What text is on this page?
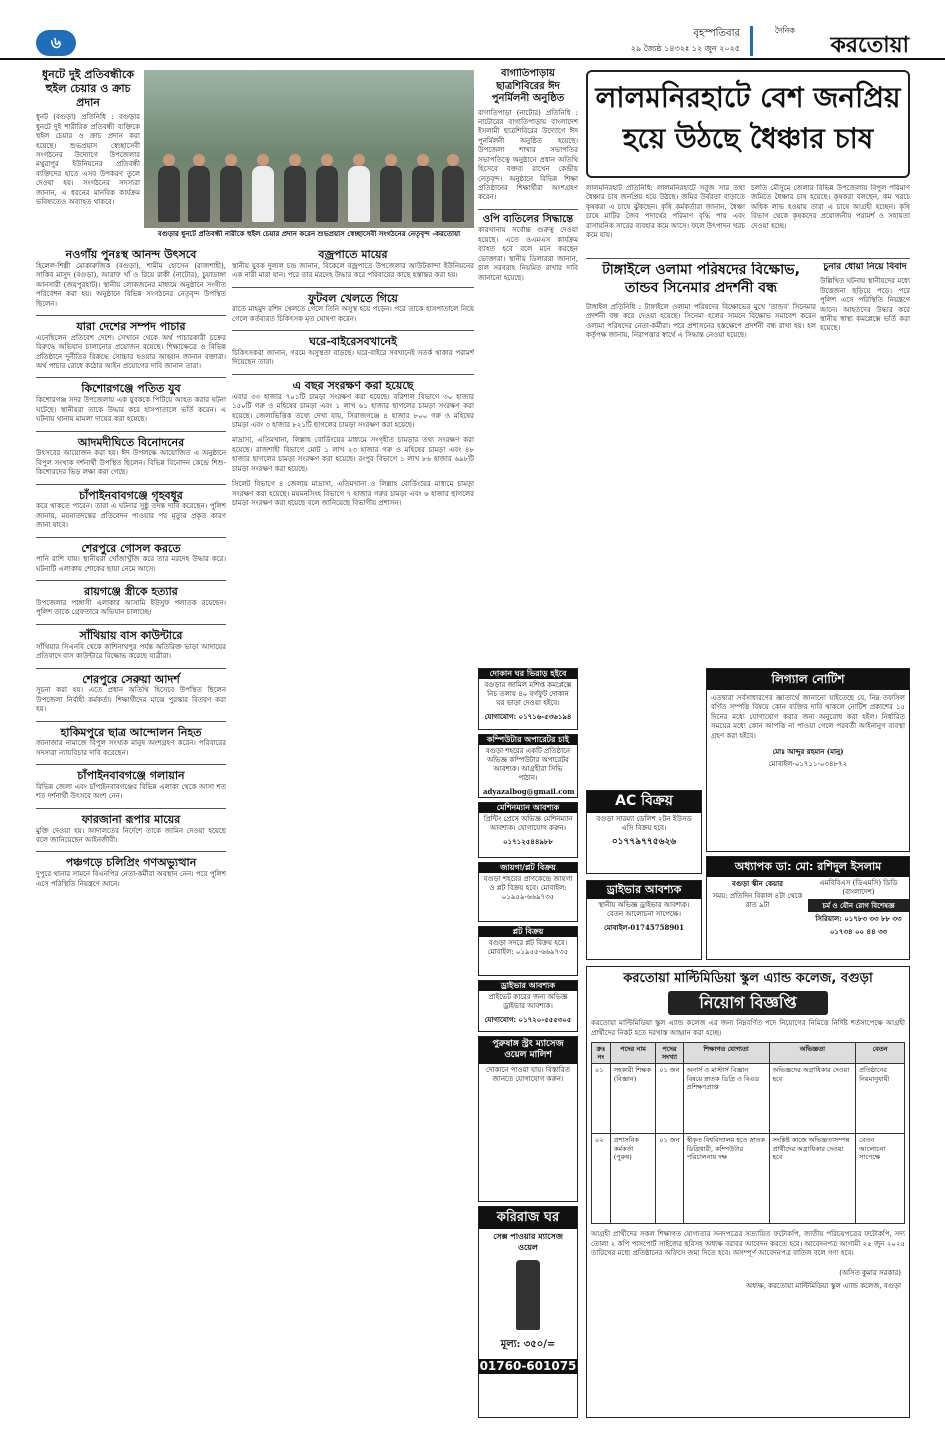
৬	বৃহস্পতিবার
২৯ জ্যৈষ্ঠ ১৪৩২ঃ ১২ জুন ২০২৫
দৈনিক
করতোয়া
বগুড়ার ধুনটে প্রতিবন্ধী নারীকে হুইল চেয়ার প্রদান করেন শুভপ্রয়াস স্বেচ্ছাসেবী সংগঠনের নেতৃবৃন্দ -করতোয়া
ধুনটে দুই প্রতিবন্ধীকে হুইল চেয়ার ও ক্রাচ প্রদান
ধুনট (বগুড়া) প্রতিনিধি : বগুড়ার ধুনটে দুই শারীরিক প্রতিবন্ধী ব্যক্তিকে হুইল চেয়ার ও ক্রাচ প্রদান করা হয়েছে। শুভপ্রয়াস স্বেচ্ছাসেবী সংগঠনের উদ্যোগে উপজেলার মথুরাপুর ইউনিয়নের প্রতিবন্ধী ব্যক্তিদের হাতে এসব উপকরণ তুলে দেওয়া হয়। সংগঠনের সদস্যরা জানান, এ ধরনের মানবিক কার্যক্রম ভবিষ্যতেও অব্যাহত থাকবে।
নওগাঁয় পুনঃস্থ আনন্দ উৎসবে
হিলেল-শিল্পী মোকারুজিক (বগুড়া), শামীম হোসেন (রাজশাহী), সাকিব মাসুদ (বগুড়া), আরাফ খাঁ ও রিয়ে রাকী (নাটোর), চুয়াডাঙ্গা আনসারী (জয়পুরহাট)। স্থানীয় লোকজনের মাধ্যমে অনুষ্ঠানে সংগীত পরিবেশন করা হয়। অনুষ্ঠানে বিভিন্ন সংগঠনের নেতৃবৃন্দ উপস্থিত ছিলেন।
যারা দেশের সম্পদ পাচার
এনেছিলেন প্রতিবেশ দেশে। সেখানে থেকে অর্থ পাচারকারী চক্রের বিরুদ্ধে অভিযান চালানোর প্রয়োজন রয়েছে। শিক্ষাক্ষেত্রে ও বিভিন্ন প্রতিষ্ঠানে দুর্নীতির বিরুদ্ধে সোচ্চার হওয়ার আহ্বান জানান বক্তারা। অর্থ পাচার রোধে কঠোর আইন প্রয়োগের দাবি জানান তারা।
কিশোরগঞ্জে পতিত যুব
কিশোরগঞ্জ সদর উপজেলায় এক যুবককে পিটিয়ে আহত করার ঘটনা ঘটেছে। স্থানীয়রা তাকে উদ্ধার করে হাসপাতালে ভর্তি করেন। এ ঘটনায় থানায় মামলা দায়ের করা হয়েছে।
আদমদীঘিতে বিনোদনের
উৎসবের আয়োজন করা হয়। ঈদ উপলক্ষে আয়োজিত এ অনুষ্ঠানে বিপুল সংখ্যক দর্শনার্থী উপস্থিত ছিলেন। বিভিন্ন বিনোদন কেন্দ্রে শিশু-কিশোরদের ভিড় লক্ষ্য করা গেছে।
চাঁপাইনবাবগঞ্জে গৃহবধূর
করে থাকতে পারেন। তারা এ ঘটনার সুষ্ঠু তদন্ত দাবি করেছেন। পুলিশ জানায়, ময়নাতদন্তের প্রতিবেদন পাওয়ার পর মৃত্যুর প্রকৃত কারণ জানা যাবে।
শেরপুরে গোসল করতে
পানি রাশি যায়। স্থানীয়রা খোঁজাখুঁজি করে তার মরদেহ উদ্ধার করে। ঘটনাটি এলাকায় শোকের ছায়া নেমে আসে।
রায়গঞ্জে স্ত্রীকে হত্যার
উপজেলার পাঙ্গাসী এলাকার আসামি ইউসুফ পলাতক রয়েছেন। পুলিশ তাকে গ্রেফতারে অভিযান চালাচ্ছে।
সাঁথিয়ায় বাস কাউন্টারে
সাঁথিয়ার সিএনবি থেকে কাশিনাথপুর পর্যন্ত অতিরিক্ত ভাড়া আদায়ের প্রতিবাদে বাস কাউন্টারে বিক্ষোভ করেছে যাত্রীরা।
শেরপুরে সেরুয়া আদর্শ
সুচনা করা হয়। এতে প্রধান অতিথি হিসেবে উপস্থিত ছিলেন উপজেলা নির্বাহী কর্মকর্তা। শিক্ষার্থীদের মাঝে পুরস্কার বিতরণ করা হয়।
হাকিমপুরে ছাত্র আন্দোলন নিহত
জানাজার নামাজে বিপুল সংখ্যক মানুষ অংশগ্রহণ করেন। পরিবারের সদস্যরা ন্যায়বিচার দাবি করেছেন।
চাঁপাইনবাবগঞ্জে গলায়ান
বিভিন্ন জেলা এবং চাঁপাইনবাবগঞ্জের বিভিন্ন এলাকা থেকে আসা শত শত দর্শনার্থী উৎসবে অংশ নেন।
ফারজানা রূপার মায়ের
মুক্তি দেওয়া হয়। আদালতের নির্দেশে তাকে জামিন দেওয়া হয়েছে বলে জানিয়েছেন আইনজীবী।
পঞ্চগড়ে চলিপ্রিং গণঅভ্যুত্থান
দুপুরে থানার সামনে বিএনপির নেতা-কর্মীরা অবস্থান নেন। পরে পুলিশ এসে পরিস্থিতি নিয়ন্ত্রণে আনে।
বজ্রপাতে মায়ের
স্থানীয় যুবক দুলাল চন্দ্র জানান, বিকেলে বজ্রপাতে উপজেলার আউটকান্দা ইউনিয়নের এক নারী মারা যান। পরে তার মরদেহ উদ্ধার করে পরিবারের কাছে হস্তান্তর করা হয়।
ফুটবল খেলতে গিয়ে
রাতে মাহমুদ রশিদ খেলতে গেলে তিনি অসুস্থ হয়ে পড়েন। পরে তাকে হাসপাতালে নিয়ে গেলে কর্তব্যরত চিকিৎসক মৃত ঘোষণা করেন।
ঘরে-বাইরেসবখানেই
চিকিৎসকরা জানান, গরমে অসুস্থতা বাড়ছে। ঘরে-বাইরে সবখানেই সতর্ক থাকার পরামর্শ দিয়েছেন তারা।
এ বছর সংরক্ষণ করা হয়েছে
এবার ৩৩ হাজার ৭০১টি চামড়া সংরক্ষণ করা হয়েছে। বরিশাল বিভাগে ৩০ হাজার ১৫০টি গরু ও মহিষের চামড়া এবং ১ লাখ ৬১ হাজার ছাগলের চামড়া সংরক্ষণ করা হয়েছে। জেলাভিত্তিক তথ্যে দেখা যায়, সিরাজগঞ্জে ৪ হাজার ৮০০ গরু ও মহিষের চামড়া এবং ৩ হাজার ৮২১টি ছাগলের চামড়া সংরক্ষণ করা হয়েছে।
মাদ্রাসা, এতিমখানা, লিল্লাহ বোর্ডিংয়ের মাধ্যমে সংগৃহীত চামড়ার তথ্য সংরক্ষণ করা হয়েছে। রাজশাহী বিভাগে মোট ১ লাখ ২৩ হাজার গরু ও মহিষের চামড়া এবং ৪৮ হাজার ছাগলের চামড়া সংরক্ষণ করা হয়েছে। রংপুর বিভাগে ১ লাখ ৮৬ হাজার ৬৯৮টি চামড়া সংরক্ষণ করা হয়েছে।
সিলেট বিভাগে ৪ জেলায় মাদ্রাসা, এতিমখানা ও লিল্লাহ বোর্ডিংয়ের মাধ্যমে চামড়া সংরক্ষণ করা হয়েছে। ময়মনসিংহ বিভাগে ৭ হাজার গরুর চামড়া এবং ৬ হাজার ছাগলের চামড়া সংরক্ষণ করা হয়েছে বলে জানিয়েছে বিভাগীয় প্রশাসন।
বাগাতিপাড়ায় ছাত্রশিবিরের ঈদ পুনর্মিলনী অনুষ্ঠিত
বাগাতিপাড়া (নাটোর) প্রতিনিধি : নাটোরের বাগাতিপাড়ায় বাংলাদেশ ইসলামী ছাত্রশিবিরের উদ্যোগে ঈদ পুনর্মিলনী অনুষ্ঠিত হয়েছে। উপজেলা শাখার সভাপতির সভাপতিত্বে অনুষ্ঠানে প্রধান অতিথি হিসেবে বক্তব্য রাখেন কেন্দ্রীয় নেতৃবৃন্দ। অনুষ্ঠানে বিভিন্ন শিক্ষা প্রতিষ্ঠানের শিক্ষার্থীরা অংশগ্রহণ করেন।
ওপি বাতিলের সিদ্ধান্তে
কারখানায় সর্বোচ্চ গুরুত্ব দেওয়া হয়েছে। এতে ওএমএস কার্যক্রম ব্যাহত হবে বলে মনে করছেন ভোক্তারা। স্থানীয় ডিলাররা জানান, চাল সরবরাহ নিয়মিত রাখার দাবি জানানো হয়েছে।
দোকান ঘর ভিরাড় হইবে
বগুড়ার জামিল মশিপ্ত কমপ্লেক্সে নিচ তলায় ৪০ বর্গফুট দোকান ঘর ভাড়া দেওয়া হইবে।
যোগাযোগ: ০১৭১৬-৫৩৬১৯৪
কম্পিউটার অপারেটর চাই
বগুড়া শহরের একটি প্রতিষ্ঠানে অভিজ্ঞ কম্পিউটার অপারেটর আবশ্যক। আগ্রহীরা সিভি পাঠান।
adyazalbog@gmail.com
মেশিনম্যান আবশ্যক
প্রিন্টিং প্রেসে অভিজ্ঞ মেশিনম্যান আবশ্যক। যোগাযোগ করুন।
০১৭১২৫৪৪৯৮৮
জায়গা/প্লট বিক্রয়
বগুড়া শহরের প্রাণকেন্দ্রে জায়গা ও প্লট বিক্রয় হবে। মোবাইল: ০১৯৫৯-৬৬৯৭৩৫
প্লট বিক্রয়
বগুড়া সদরে প্লট বিক্রয় হবে। মোবাইল: ০১৯৫৫-৬৬৯৭৩৫
ড্রাইভার আবশ্যক
প্রাইভেট কারের জন্য অভিজ্ঞ ড্রাইভার আবশ্যক।
যোগাযোগ: ০১৭২০-৫৫৫৩০৫
পুরুষাঙ্গ স্ট্রং ম্যাসেজ ওয়েল মালিশ
দোকানে পাওয়া যায়। বিস্তারিত জানতে যোগাযোগ করুন।
করিরাজ ঘর
সেক্স পাওয়ার ম্যাসেজ ওয়েল
মূল্য: ৩৫০/=
01760-601075
লালমনিরহাটে বেশ জনপ্রিয়
হয়ে উঠছে ধৈঞ্চার চাষ
লালমনিরহাট প্রতিনিধি: লালমনিরহাটে সবুজ সার তথা ধৈঞ্চার চাষ জনপ্রিয় হয়ে উঠছে। জমির উর্বরতা বাড়াতে কৃষকরা এ চাষে ঝুঁকছেন। কৃষি কর্মকর্তারা জানান, ধৈঞ্চা চাষে মাটির জৈব পদার্থের পরিমাণ বৃদ্ধি পায় এবং রাসায়নিক সারের ব্যবহার কমে আসে। ফলে উৎপাদন খরচ কমে যায়।
চলতি মৌসুমে জেলার বিভিন্ন উপজেলায় বিপুল পরিমাণ জমিতে ধৈঞ্চার চাষ হয়েছে। কৃষকরা বলছেন, কম খরচে অধিক লাভ হওয়ায় তারা এ চাষে আগ্রহী হচ্ছেন। কৃষি বিভাগ থেকে কৃষকদের প্রয়োজনীয় পরামর্শ ও সহায়তা দেওয়া হচ্ছে।
টাঙ্গাইলে ওলামা পরিষদের বিক্ষোভ,
তান্ডব সিনেমার প্রদর্শনী বন্ধ
টাঙ্গাইল প্রতিনিধি : টাঙ্গাইলে ওলামা পরিষদের বিক্ষোভের মুখে 'তান্ডব' সিনেমার প্রদর্শনী বন্ধ করে দেওয়া হয়েছে। সিনেমা হলের সামনে বিক্ষোভ সমাবেশ করেন ওলামা পরিষদের নেতা-কর্মীরা। পরে প্রশাসনের হস্তক্ষেপে প্রদর্শনী বন্ধ রাখা হয়। হল কর্তৃপক্ষ জানায়, নিরাপত্তার স্বার্থে এ সিদ্ধান্ত নেওয়া হয়েছে।
চুনার ধোয়া নিয়ে বিবাদ
উল্লিখিত ঘটনায় স্থানীয়দের মধ্যে উত্তেজনা ছড়িয়ে পড়ে। পরে পুলিশ এসে পরিস্থিতি নিয়ন্ত্রণে আনে। আহতদের উদ্ধার করে স্থানীয় স্বাস্থ্য কমপ্লেক্সে ভর্তি করা হয়েছে।
লিগ্যাল নোটিশ
এতদ্বারা সর্বসাধারণের জ্ঞাতার্থে জানানো যাইতেছে যে, নিম্ন তফসিল বর্ণিত সম্পত্তি বিষয়ে কোন ব্যক্তির দাবি থাকলে নোটিশ প্রকাশের ১৫ দিনের মধ্যে যোগাযোগ করার জন্য অনুরোধ করা হইল। নির্ধারিত সময়ের মধ্যে কোন আপত্তি না পাওয়া গেলে পরবর্তী আইনানুগ ব্যবস্থা গ্রহণ করা হইবে।
মোঃ আব্দুর রহমান (মানু)
মোবাইল-০১৭১১-০৩৪৮৭২
AC বিক্রয়
বগুড়া সারম্যা ডেলিশ ২টন ইউসড এসি বিক্রয় হবে।
০১৭৭৯৭৭৫৬২৬
ড্রাইভার আবশ্যক
স্থানীয় অভিজ্ঞ ড্রাইভার আবশ্যক। বেতন আলোচনা সাপেক্ষে।
মোবাইল-01745758901
অধ্যাপক ডা: মো: রশিদুল ইসলাম
বগুড়া স্কীন কেয়ার
সময়: প্রতিদিন বিকাল ৪টা থেকে রাত ৯টা
এমবিবিএস (ডিএমসি) ডিডি (বাংলাদেশ)
চর্ম ও যৌন রোগ বিশেষজ্ঞ
সিরিয়াল: ০১৭৮৩ ৩৩ ৮৮ ৩৩
০১৭৩৪ ০০ ৪৪ ৩৩
করতোয়া মাল্টিমিডিয়া স্কুল এ্যান্ড কলেজ, বগুড়া
নিয়োগ বিজ্ঞপ্তি
করতোয়া মাল্টিমিডিয়া স্কুল এ্যান্ড কলেজ এর জন্য নিম্নবর্ণিত পদে নিয়োগের নিমিত্তে নির্দিষ্ট শর্তসাপেক্ষে আগ্রহী প্রার্থীদের নিকট হতে দরখাস্ত আহ্বান করা হচ্ছে।
ক্রঃ নং	পদের নাম	পদের সংখ্যা	শিক্ষাগত যোগ্যতা	অভিজ্ঞতা	বেতন
০১	সহকারী শিক্ষক (বিজ্ঞান)	০১ জন	অনার্স ও মাস্টার্স বিজ্ঞান বিষয়ে স্নাতক ডিগ্রি ও বিএড প্রশিক্ষণপ্রাপ্ত	অভিজ্ঞদের অগ্রাধিকার দেওয়া হবে	প্রতিষ্ঠানের নিয়মানুযায়ী
০২	প্রশাসনিক কর্মকর্তা (পুরুষ)	০১ জন	স্বীকৃত বিশ্ববিদ্যালয় হতে স্নাতক ডিগ্রিধারী, কম্পিউটার পরিচালনায় দক্ষ	সংশ্লিষ্ট কাজে অভিজ্ঞতাসম্পন্ন প্রার্থীদের অগ্রাধিকার দেওয়া হবে	বেতন আলোচনা সাপেক্ষে
আগ্রহী প্রার্থীদের সকল শিক্ষাগত যোগ্যতার সনদপত্রের সত্যায়িত ফটোকপি, জাতীয় পরিচয়পত্রের ফটোকপি, সদ্য তোলা ২ কপি পাসপোর্ট সাইজের ছবিসহ অধ্যক্ষ বরাবর আবেদন করতে হবে। আবেদনপত্র আগামী ২৫ জুন ২০২৫ তারিখের মধ্যে প্রতিষ্ঠানের অফিসে জমা দিতে হবে। অসম্পূর্ণ আবেদনপত্র বাতিল বলে গণ্য হবে।
(অসিত কুমার সরকার)
অধ্যক্ষ, করতোয়া মাল্টিমিডিয়া স্কুল এ্যান্ড কলেজ, বগুড়া
